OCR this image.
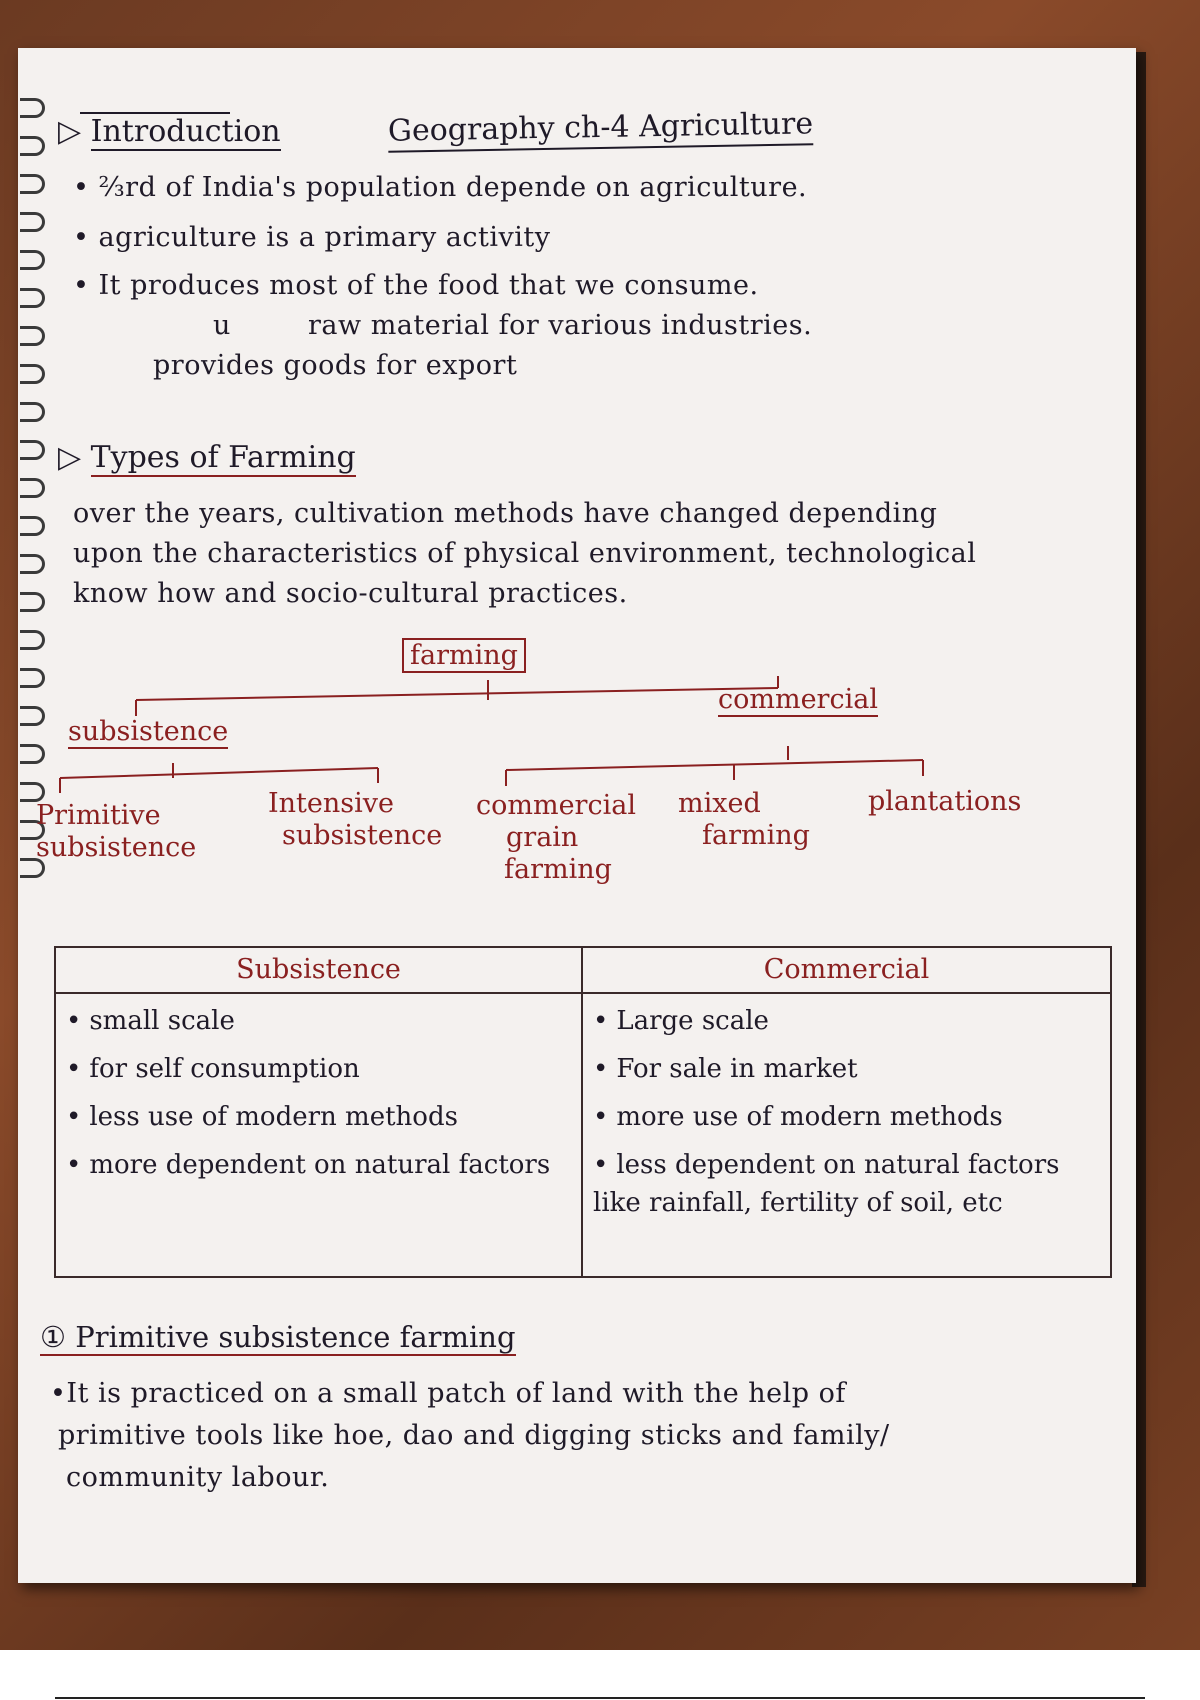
Geography ch-4 Agriculture
▷ Introduction
• ⅔rd of India's population depende on agriculture.
• agriculture is a primary activity
• It produces most of the food that we consume.
u	raw material for various industries.
provides goods for export
▷ Types of Farming
over the years, cultivation methods have changed depending
upon the characteristics of physical environment, technological
know how and socio-cultural practices.
farming
subsistence
commercial
Primitive
subsistence
Intensive
subsistence
commercial
grain
farming
mixed
farming
plantations
Subsistence
• small scale
• for self consumption
• less use of modern methods
• more dependent on natural factors
Commercial
• Large scale
• For sale in market
• more use of modern methods
• less dependent on natural factors like rainfall, fertility of soil, etc
① Primitive subsistence farming
•It is practiced on a small patch of land with the help of
primitive tools like hoe, dao and digging sticks and family/
community labour.
